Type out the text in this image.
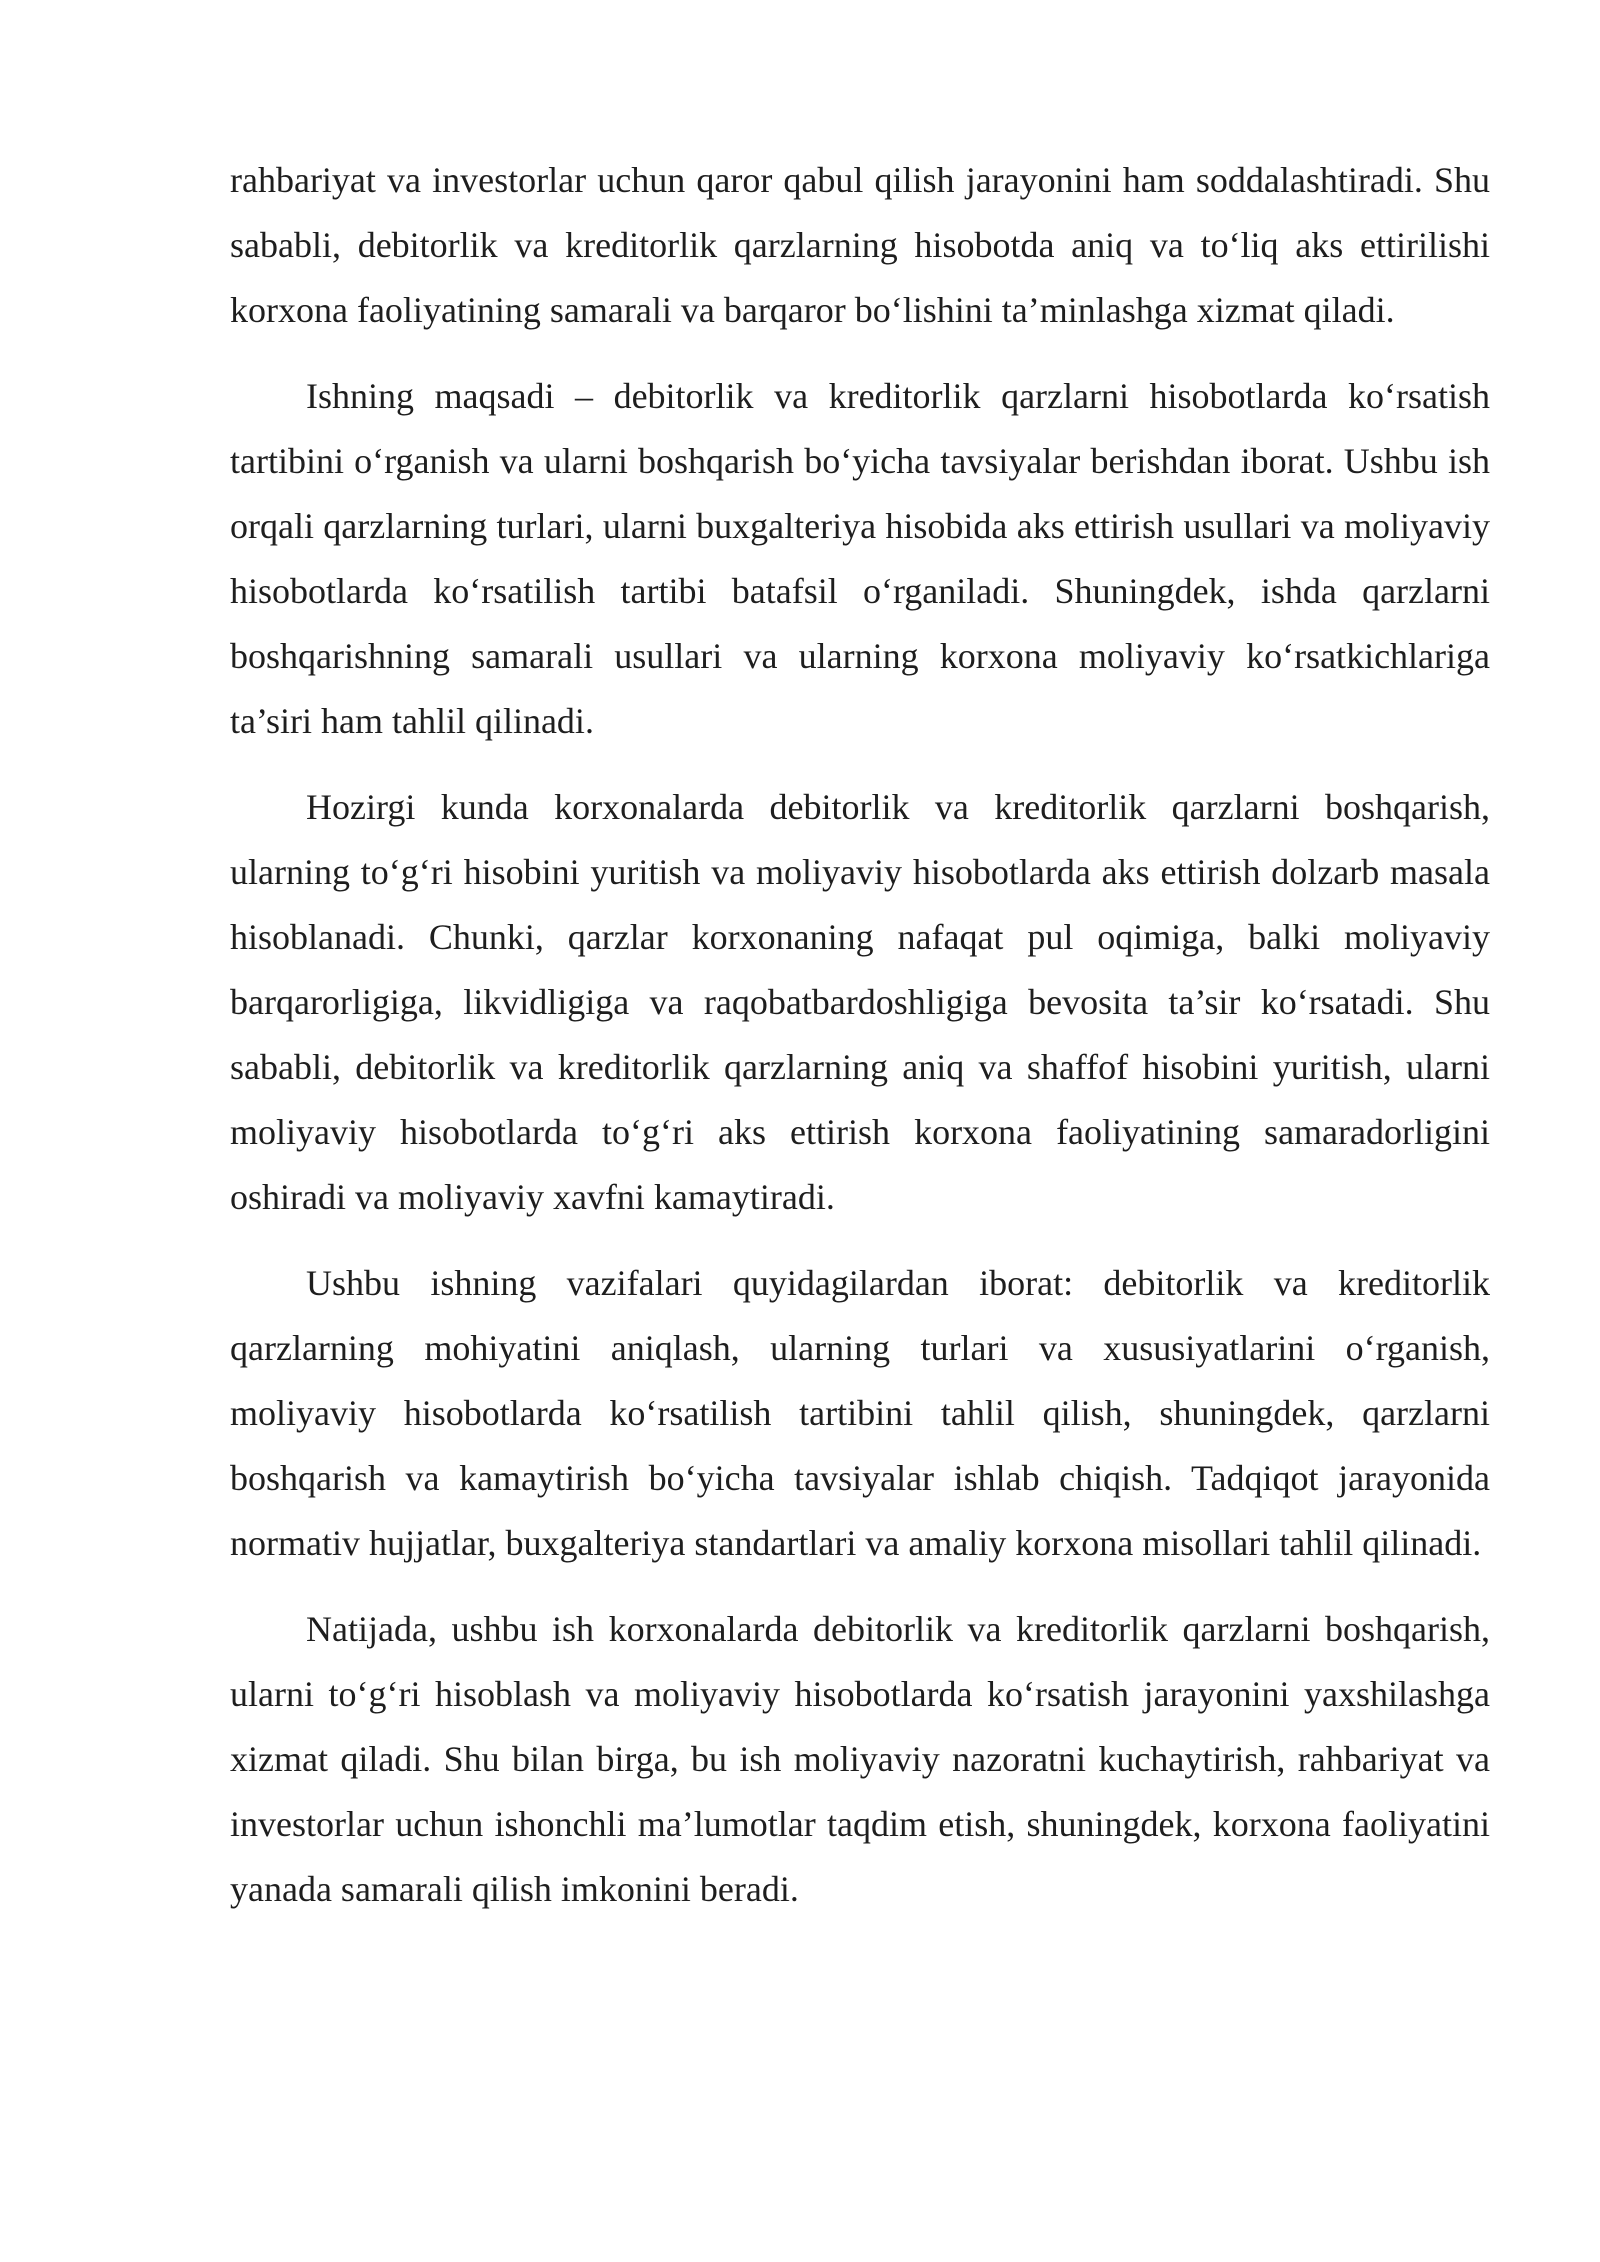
rahbariyat va investorlar uchun qaror qabul qilish jarayonini ham soddalashtiradi. Shu sababli, debitorlik va kreditorlik qarzlarning hisobotda aniq va to‘liq aks ettirilishi korxona faoliyatining samarali va barqaror bo‘lishini ta’minlashga xizmat qiladi.

Ishning maqsadi – debitorlik va kreditorlik qarzlarni hisobotlarda ko‘rsatish tartibini o‘rganish va ularni boshqarish bo‘yicha tavsiyalar berishdan iborat. Ushbu ish orqali qarzlarning turlari, ularni buxgalteriya hisobida aks ettirish usullari va moliyaviy hisobotlarda ko‘rsatilish tartibi batafsil o‘rganiladi. Shuningdek, ishda qarzlarni boshqarishning samarali usullari va ularning korxona moliyaviy ko‘rsatkichlariga ta’siri ham tahlil qilinadi.

Hozirgi kunda korxonalarda debitorlik va kreditorlik qarzlarni boshqarish, ularning to‘g‘ri hisobini yuritish va moliyaviy hisobotlarda aks ettirish dolzarb masala hisoblanadi. Chunki, qarzlar korxonaning nafaqat pul oqimiga, balki moliyaviy barqarorligiga, likvidligiga va raqobatbardoshligiga bevosita ta’sir ko‘rsatadi. Shu sababli, debitorlik va kreditorlik qarzlarning aniq va shaffof hisobini yuritish, ularni moliyaviy hisobotlarda to‘g‘ri aks ettirish korxona faoliyatining samaradorligini oshiradi va moliyaviy xavfni kamaytiradi.

Ushbu ishning vazifalari quyidagilardan iborat: debitorlik va kreditorlik qarzlarning mohiyatini aniqlash, ularning turlari va xususiyatlarini o‘rganish, moliyaviy hisobotlarda ko‘rsatilish tartibini tahlil qilish, shuningdek, qarzlarni boshqarish va kamaytirish bo‘yicha tavsiyalar ishlab chiqish. Tadqiqot jarayonida normativ hujjatlar, buxgalteriya standartlari va amaliy korxona misollari tahlil qilinadi.

Natijada, ushbu ish korxonalarda debitorlik va kreditorlik qarzlarni boshqarish, ularni to‘g‘ri hisoblash va moliyaviy hisobotlarda ko‘rsatish jarayonini yaxshilashga xizmat qiladi. Shu bilan birga, bu ish moliyaviy nazoratni kuchaytirish, rahbariyat va investorlar uchun ishonchli ma’lumotlar taqdim etish, shuningdek, korxona faoliyatini yanada samarali qilish imkonini beradi.
